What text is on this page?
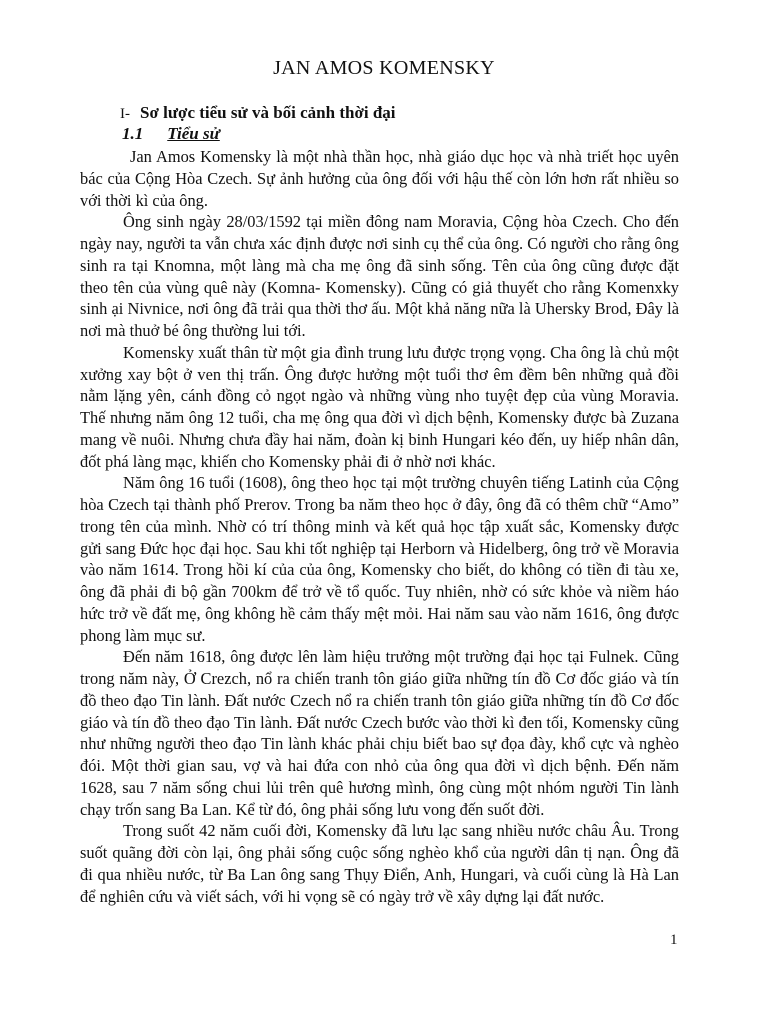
JAN AMOS KOMENSKY
I- Sơ lược tiểu sử và bối cảnh thời đại
1.1 Tiểu sử

Jan Amos Komensky là một nhà thần học, nhà giáo dục học và nhà triết học uyên bác của Cộng Hòa Czech. Sự ảnh hưởng của ông đối với hậu thế còn lớn hơn rất nhiều so với thời kì của ông.

Ông sinh ngày 28/03/1592 tại miền đông nam Moravia, Cộng hòa Czech. Cho đến ngày nay, người ta vẫn chưa xác định được nơi sinh cụ thể của ông. Có người cho rằng ông sinh ra tại Knomna, một làng mà cha mẹ ông đã sinh sống. Tên của ông cũng được đặt theo tên của vùng quê này (Komna- Komensky). Cũng có giả thuyết cho rằng Komenxky sinh ại Nivnice, nơi ông đã trải qua thời thơ ấu. Một khả năng nữa là Uhersky Brod, Đây là nơi mà thuở bé ông thường lui tới.

Komensky xuất thân từ một gia đình trung lưu được trọng vọng. Cha ông là chủ một xưởng xay bột ở ven thị trấn. Ông được hưởng một tuổi thơ êm đềm bên những quả đồi nằm lặng yên, cánh đồng cỏ ngọt ngào và những vùng nho tuyệt đẹp của vùng Moravia. Thế nhưng năm ông 12 tuổi, cha mẹ ông qua đời vì dịch bệnh, Komensky được bà Zuzana mang về nuôi. Nhưng chưa đầy hai năm, đoàn kị binh Hungari kéo đến, uy hiếp nhân dân, đốt phá làng mạc, khiến cho Komensky phải đi ở nhờ nơi khác.

Năm ông 16 tuổi (1608), ông theo học tại một trường chuyên tiếng Latinh của Cộng hòa Czech tại thành phố Prerov. Trong ba năm theo học ở đây, ông đã có thêm chữ “Amo” trong tên của mình. Nhờ có trí thông minh và kết quả học tập xuất sắc, Komensky được gửi sang Đức học đại học. Sau khi tốt nghiệp tại Herborn và Hidelberg, ông trở về Moravia vào năm 1614. Trong hồi kí của của ông, Komensky cho biết, do không có tiền đi tàu xe, ông đã phải đi bộ gần 700km để trở về tổ quốc. Tuy nhiên, nhờ có sức khỏe và niềm háo hức trở về đất mẹ, ông không hề cảm thấy mệt mỏi. Hai năm sau vào năm 1616, ông được phong làm mục sư.

Đến năm 1618, ông được lên làm hiệu trưởng một trường đại học tại Fulnek. Cũng trong năm này, Ở Crezch, nổ ra chiến tranh tôn giáo giữa những tín đồ Cơ đốc giáo và tín đồ theo đạo Tin lành. Đất nước Czech nổ ra chiến tranh tôn giáo giữa những tín đồ Cơ đốc giáo và tín đồ theo đạo Tin lành. Đất nước Czech bước vào thời kì đen tối, Komensky cũng như những người theo đạo Tin lành khác phải chịu biết bao sự đọa đày, khổ cực và nghèo đói. Một thời gian sau, vợ và hai đứa con nhỏ của ông qua đời vì dịch bệnh. Đến năm 1628, sau 7 năm sống chui lủi trên quê hương mình, ông cùng một nhóm người Tin lành chạy trốn sang Ba Lan. Kể từ đó, ông phải sống lưu vong đến suốt đời.

Trong suốt 42 năm cuối đời, Komensky đã lưu lạc sang nhiều nước châu Âu. Trong suốt quãng đời còn lại, ông phải sống cuộc sống nghèo khổ của người dân tị nạn. Ông đã đi qua nhiều nước, từ Ba Lan ông sang Thụy Điển, Anh, Hungari, và cuối cùng là Hà Lan để nghiên cứu và viết sách, với hi vọng sẽ có ngày trở về xây dựng lại đất nước.

1
